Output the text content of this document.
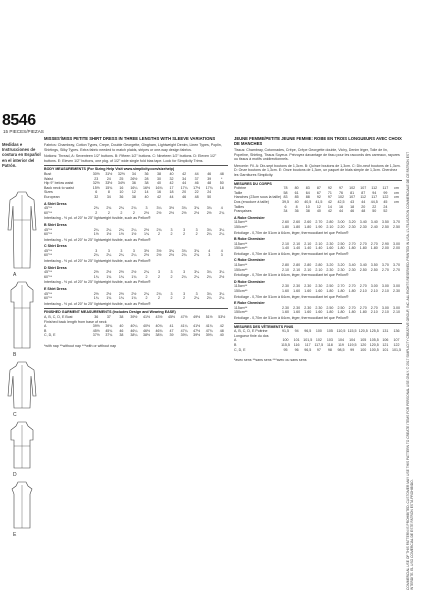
8546
15 PIECES/PIEZAS
Medidas e Instrucciones de costura en Español en el interior del Patrón.
A
B
C
D
E
MISSES'/MISS PETITE SHIRT DRESS IN THREE LENGTHS WITH SLEEVE VARIATIONS
Fabrics: Chambray, Cotton Types, Crepe, Double Georgette, Gingham, Lightweight Denim, Linen Types, Poplin, Shirtings, Silky Types. Extra fabric needed to match plaids, stripes or one-way design fabrics.
Notions: Thread, A: Seventeen 1/2" buttons. B: Fifteen 1/2" buttons. C: Nineteen 1/2" buttons. D: Eleven 1/2" buttons. E: Eleven 1/2" buttons, one pkg. of 1/2" wide single fold bias tape. Look for Simplicity Trims.
BODY MEASUREMENTS (For Sizing Help Visit www.simplicity.com/sizehelp)
Bust	30½	31½	32½	34	36	38	40	42	44	46	48
Waist	23	24	25	26½	28	30	32	34	37	39	*
Hip 9" below waist	32½	33½	34½	36	38	40	42	44	46	48	50
Back neck to waist	15½	15¾	16	16¼	16½	16¾	17	17¼	17½	17¾	18
Sizes	6	8	10	12	14	16	18	20	22	24
European	32	34	36	38	40	42	44	46	48	50
A Shirt Dress
45"**	2¾	2¾	2¾	2¾	3	3¼	3½	3¾	3¾	3¾	4
60"**	2	2	2	2	2½	2½	2½	2½	2½	2½	2¾
Interfacing - ½ yd. of 20" to 25" lightweight fusible, such as Pellon®
B Shirt Dress
45"**	2¼	2¼	2¼	2¼	2½	2¾	3	3	3	3¼	3¼
60"**	1½	1½	1½	1½	1¾	2	2	2	2	2¼	2¼
Interfacing - ½ yd. of 20" to 25" lightweight fusible, such as Pellon®
C Shirt Dress
45"**	3	3	3	3	3½	3½	3¾	3¾	3¾	4	4
60"**	2¼	2¼	2¼	2¼	2½	2½	2½	2¾	2¾	3	3
Interfacing - ½ yd. of 20" to 25" lightweight fusible, such as Pellon®
D Shirt Dress
45"**	2½	2½	2½	2½	2¾	3	3	3	3¼	3¼	3¼
60"**	1¾	1¾	1¾	1¾	2	2	2	2¼	2¼	2¼	2½
Interfacing - ½ yd. of 20" to 25" lightweight fusible, such as Pellon®
E Shirt Dress
45"**	2½	2½	2½	2½	2¾	2¾	3	3	3	3¼	3¼
60"**	1¾	1¾	1¾	1¾	2	2	2	2	2¼	2¼	2¼
Interfacing - ½ yd. of 20" to 25" lightweight fusible, such as Pellon®
FINISHED GARMENT MEASUREMENTS (Includes Design and Wearing EASE)
A, B, C, D, E Bust	36	37	38	39½	41½	43½	45½	47½	49½	51½	53½
Finished back length from base of neck
A	39½	39¾	40	40¼	40½	40¾	41	41¼	41½	41¾	42
B	45½	45¾	46	46¼	46½	46¾	47	47¼	47½	47¾	48
C, D, E	37½	37¾	38	38¼	38½	38¾	39	39¼	39½	39¾	40
*with nap **without nap ***with or without nap
JEUNE FEMME/PETITE JEUNE FEMME: ROBE EN TROIS LONGUEURS AVEC CHOIX DE MANCHES
Tissus: Chambray, Cotonnades, Crêpe, Crêpe Georgette double, Vichy, Denim léger, Toile de lin, Popeline, Shirting, Tissus Soyeux. Prévoyez davantage de tissu pour les raccords des carreaux, rayures ou tissus à motifs unidirectionnels.
Mercerie: Fil. A: Dix-sept boutons de 1,3cm. B: Quinze boutons de 1,3cm. C: Dix-neuf boutons de 1,3cm. D: Onze boutons de 1,3cm. E: Onze boutons de 1,3cm, un paquet de biais simple de 1,3cm. Cherchez les Garnitures Simplicity.
MESURES DU CORPS
Poitrine	78	80	83	87	92	97	102	107	112	117	cm
Taille	58	61	64	67	71	76	81	87	94	99	cm
Hanches (23cm sous la taille) 83	85	88	92	97	102	107	112	117	122	cm
Dos (encolure à taille)	39,5	40	40,5	41,5	42	42,5	43	44	44,5	45	cm
Tailles	6	8	10	12	14	16	18	20	22	24
Françaises	34	36	38	40	42	44	46	48	50	52
A Robe Chemisier
115cm**	2.60	2.60	2.60	2.70	2.80	3.00	3.20	3.40	3.40	3.50	3.70
150cm**	1.80	1.80	1.80	1.90	2.10	2.20	2.30	2.30	2.40	2.50	2.50
Entoilage - 0,70m de 51cm à 64cm, léger, thermocollant tel que Pellon®
B Robe Chemisier
115cm**	2.10	2.10	2.10	2.10	2.30	2.50	2.70	2.70	2.70	2.90	3.00
150cm**	1.40	1.40	1.40	1.40	1.60	1.80	1.80	1.80	1.80	2.00	2.00
Entoilage - 0,70m de 51cm à 64cm, léger, thermocollant tel que Pellon®
C Robe Chemisier
115cm**	2.80	2.80	2.80	2.80	3.20	3.20	3.40	3.40	3.50	3.70	3.70
150cm**	2.10	2.10	2.10	2.10	2.30	2.30	2.30	2.50	2.50	2.70	2.70
Entoilage - 0,70m de 51cm à 64cm, léger, thermocollant tel que Pellon®
D Robe Chemisier
115cm**	2.30	2.30	2.30	2.30	2.50	2.70	2.70	2.70	3.00	3.00	3.00
150cm**	1.60	1.60	1.60	1.60	1.80	1.80	1.80	2.10	2.10	2.10	2.30
Entoilage - 0,70m de 51cm à 64cm, léger, thermocollant tel que Pellon®
E Robe Chemisier
115cm**	2.30	2.30	2.30	2.30	2.50	2.50	2.70	2.70	2.70	3.00	3.00
150cm**	1.60	1.60	1.60	1.60	1.80	1.80	1.80	1.80	2.10	2.10	2.10
Entoilage - 0,70m de 51cm à 64cm, léger, thermocollant tel que Pellon®
MESURES DES VÊTEMENTS FINIS
A, B, C, D, E Poitrine	91,5	94	96,5	100	105	110,5 115,5 120,5 125,5 131	136
Longueur finie du dos
A	100	101 101,5 102	103	104	104	105 105,5 106	107
B	115,5	116	117	117,5	118	119	119,5	120 120,5 121	122
C, D, E	95	96	96,5	97	98	98,5	99	100 100,5 101 101,5
*avec sens **sans sens ***avec ou sans sens	COMMERCIAL USE OF THIS PATTERN IS PROHIBITED. CUSTOMER MAY USE THIS PATTERN TO CREATE ITEMS FOR PERSONAL USE ONLY. © 2017 SIMPLICITY CREATIVE GROUP, INC. ALL RIGHTS RESERVED. PRINTED IN USA. L'UTILISATION COMMERCIALE DE CE PATRON EST INTERDITE. EL USO COMERCIAL DE ESTE PATRÓN ESTÁ PROHIBIDO.
